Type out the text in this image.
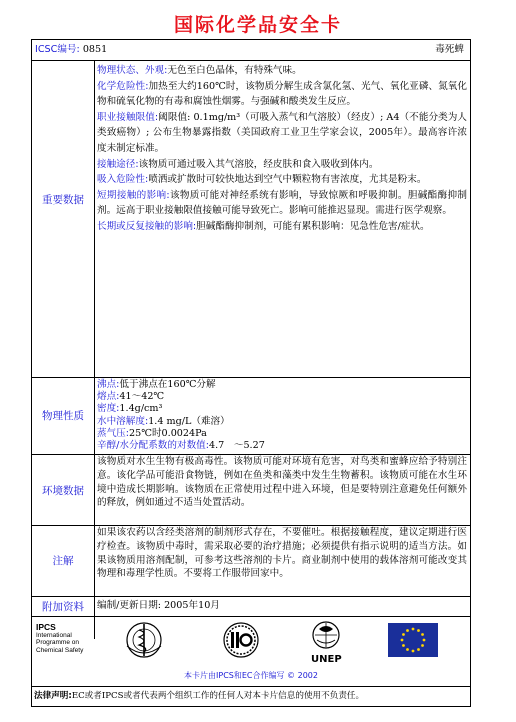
国际化学品安全卡
ICSC编号: 0851	毒死蜱
重要数据

物理状态、外观:无色至白色晶体，有特殊气味。

化学危险性:加热至大约160℃时，该物质分解生成含氯化氢、光气、氧化亚磷、氮氧化物和硫氧化物的有毒和腐蚀性烟雾。与强碱和酸类发生反应。

职业接触限值:阈限值: 0.1mg/m³（可吸入蒸气和气溶胶）（经皮）; A4（不能分类为人类致癌物）; 公布生物暴露指数（美国政府工业卫生学家会议，2005年）。最高容许浓度未制定标准。

接触途径:该物质可通过吸入其气溶胶，经皮肤和食入吸收到体内。

吸入危险性:喷洒或扩散时可较快地达到空气中颗粒物有害浓度，尤其是粉末。

短期接触的影响:该物质可能对神经系统有影响，导致惊厥和呼吸抑制。胆碱酯酶抑制剂。远高于职业接触限值接触可能导致死亡。影响可能推迟显现。需进行医学观察。

长期或反复接触的影响:胆碱酯酶抑制剂，可能有累积影响：见急性危害/症状。

物理性质

沸点:低于沸点在160℃分解

熔点:41～42℃

密度:1.4g/cm³

水中溶解度:1.4 mg/L（难溶）

蒸气压:25℃时0.0024Pa

辛醇/水分配系数的对数值:4.7　～5.27

环境数据
该物质对水生生物有极高毒性。该物质可能对环境有危害，对鸟类和蜜蜂应给予特别注意。该化学品可能沿食物链，例如在鱼类和藻类中发生生物蓄积。该物质可能在水生环境中造成长期影响。该物质在正常使用过程中进入环境，但是要特别注意避免任何额外的释放，例如通过不适当处置活动。
注解
如果该农药以含经类溶剂的制剂形式存在，不要催吐。根据接触程度，建议定期进行医疗检查。该物质中毒时，需采取必要的治疗措施；必须提供有指示说明的适当方法。如果该物质用溶剂配制，可参考这些溶剂的卡片。商业制剂中使用的载体溶剂可能改变其物理和毒理学性质。不要将工作服带回家中。
附加资料	编制/更新日期: 2005年10月
IPCS
International
Programme on
Chemical Safety
UNEP
本卡片由IPCS和EC合作编写 © 2002
法律声明:EC或者IPCS或者代表两个组织工作的任何人对本卡片信息的使用不负责任。
